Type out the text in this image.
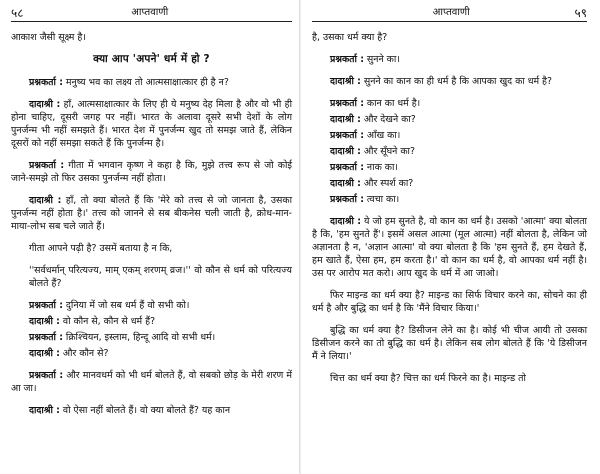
५८	आप्तवाणी
आकाश जैसी सूक्ष्म है।
क्या आप 'अपने' धर्म में हो ?
प्रश्नकर्ता : मनुष्य भव का लक्ष्य तो आत्मसाक्षात्कार ही है न?
दादाश्री : हाँ, आत्मसाक्षात्कार के लिए ही ये मनुष्य देह मिला है और वो भी ही होना चाहिए, दूसरी जगह पर नहीं। भारत के अलावा दूसरे सभी देशों के लोग पुनर्जन्म भी नहीं समझते हैं। भारत देश में पुनर्जन्म खुद तो समझ जाते हैं, लेकिन दूसरों को नहीं समझा सकते हैं कि पुनर्जन्म है।
प्रश्नकर्ता : गीता में भगवान कृष्ण ने कहा है कि, मुझे तत्त्व रूप से जो कोई जाने-समझे तो फिर उसका पुनर्जन्म नहीं होता।
दादाश्री : हाँ, तो क्या बोलते हैं कि 'मेरे को तत्त्व से जो जानता है, उसका पुनर्जन्म नहीं होता है।' तत्त्व को जानने से सब बीकनेस चली जाती है, क्रोध-मान-माया-लोभ सब चले जाते हैं।
गीता आपने पढ़ी है? उसमें बताया है न कि,
''सर्वधर्मान् परित्यज्य, माम् एकम् शरणम् व्रज।'' वो कौन से धर्म को परित्यज्य बोलते हैं?
प्रश्नकर्ता : दुनिया में जो सब धर्म हैं वो सभी को।
दादाश्री : वो कौन से, कौन से धर्म हैं?
प्रश्नकर्ता : क्रिश्चियन, इस्लाम, हिन्दू आदि वो सभी धर्म।
दादाश्री : और कौन से?
प्रश्नकर्ता : और मानवधर्म को भी धर्म बोलते हैं, वो सबको छोड़ के मेरी शरण में आ जा।
दादाश्री : वो ऐसा नहीं बोलते हैं। वो क्या बोलते हैं? यह कान
आप्तवाणी	५९
है, उसका धर्म क्या है?
प्रश्नकर्ता : सुनने का।
दादाश्री : सुनने का कान का ही धर्म है कि आपका खुद का धर्म है?
प्रश्नकर्ता : कान का धर्म है।
दादाश्री : और देखने का?
प्रश्नकर्ता : आँख का।
दादाश्री : और सूँघने का?
प्रश्नकर्ता : नाक का।
दादाश्री : और स्पर्श का?
प्रश्नकर्ता : त्वचा का।
दादाश्री : ये जो हम सुनते है, वो कान का धर्म है। उसको 'आत्मा' क्या बोलता है कि, 'हम सुनते हैं'। इसमें असल आत्मा (मूल आत्मा) नहीं बोलता है, लेकिन जो अज्ञानता है न, 'अज्ञान आत्मा' वो क्या बोलता है कि 'हम सुनते हैं, हम देखते हैं, हम खाते हैं, ऐसा हम, हम करता है।' वो कान का धर्म है, वो आपका धर्म नहीं है। उस पर आरोप मत करो। आप खुद के धर्म में आ जाओ।
फिर माइन्ड का धर्म क्या है? माइन्ड का सिर्फ विचार करने का, सोचने का ही धर्म है और बुद्धि का धर्म है कि 'मैंने विचार किया।'
बुद्धि का धर्म क्या है? डिसीजन लेने का है। कोई भी चीज आयी तो उसका डिसीजन करने का तो बुद्धि का धर्म है। लेकिन सब लोग बोलते हैं कि 'ये डिसीजन मैं ने लिया।'
चित्त का धर्म क्या है? चित्त का धर्म फिरने का है। माइन्ड तो
